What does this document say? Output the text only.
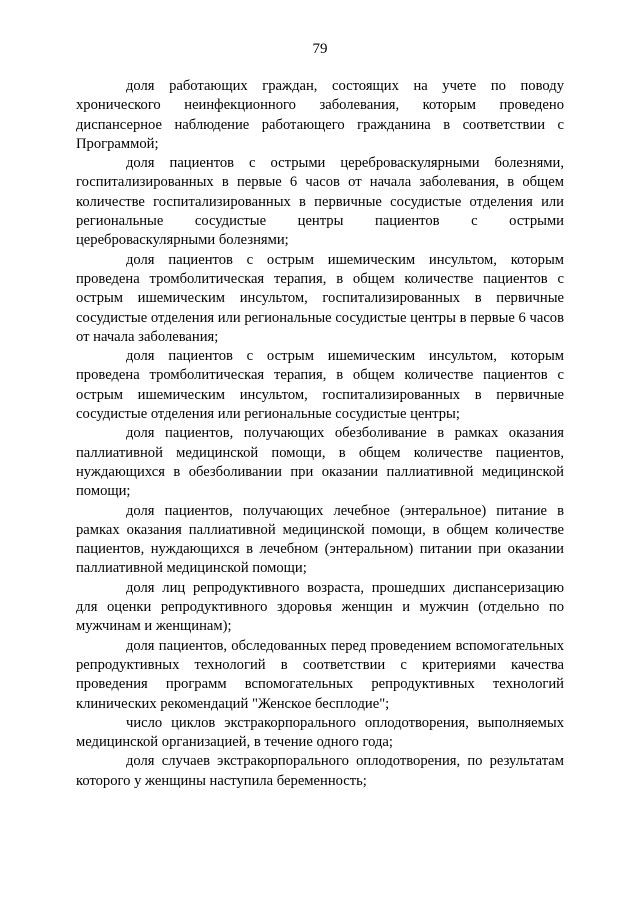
79

доля работающих граждан, состоящих на учете по поводу хронического неинфекционного заболевания, которым проведено диспансерное наблюдение работающего гражданина в соответствии с Программой;

доля пациентов с острыми цереброваскулярными болезнями, госпитализированных в первые 6 часов от начала заболевания, в общем количестве госпитализированных в первичные сосудистые отделения или региональные сосудистые центры пациентов с острыми цереброваскулярными болезнями;

доля пациентов с острым ишемическим инсультом, которым проведена тромболитическая терапия, в общем количестве пациентов с острым ишемическим инсультом, госпитализированных в первичные сосудистые отделения или региональные сосудистые центры в первые 6 часов от начала заболевания;

доля пациентов с острым ишемическим инсультом, которым проведена тромболитическая терапия, в общем количестве пациентов с острым ишемическим инсультом, госпитализированных в первичные сосудистые отделения или региональные сосудистые центры;

доля пациентов, получающих обезболивание в рамках оказания паллиативной медицинской помощи, в общем количестве пациентов, нуждающихся в обезболивании при оказании паллиативной медицинской помощи;

доля пациентов, получающих лечебное (энтеральное) питание в рамках оказания паллиативной медицинской помощи, в общем количестве пациентов, нуждающихся в лечебном (энтеральном) питании при оказании паллиативной медицинской помощи;

доля лиц репродуктивного возраста, прошедших диспансеризацию для оценки репродуктивного здоровья женщин и мужчин (отдельно по мужчинам и женщинам);

доля пациентов, обследованных перед проведением вспомогательных репродуктивных технологий в соответствии с критериями качества проведения программ вспомогательных репродуктивных технологий клинических рекомендаций "Женское бесплодие";

число циклов экстракорпорального оплодотворения, выполняемых медицинской организацией, в течение одного года;

доля случаев экстракорпорального оплодотворения, по результатам которого у женщины наступила беременность;
